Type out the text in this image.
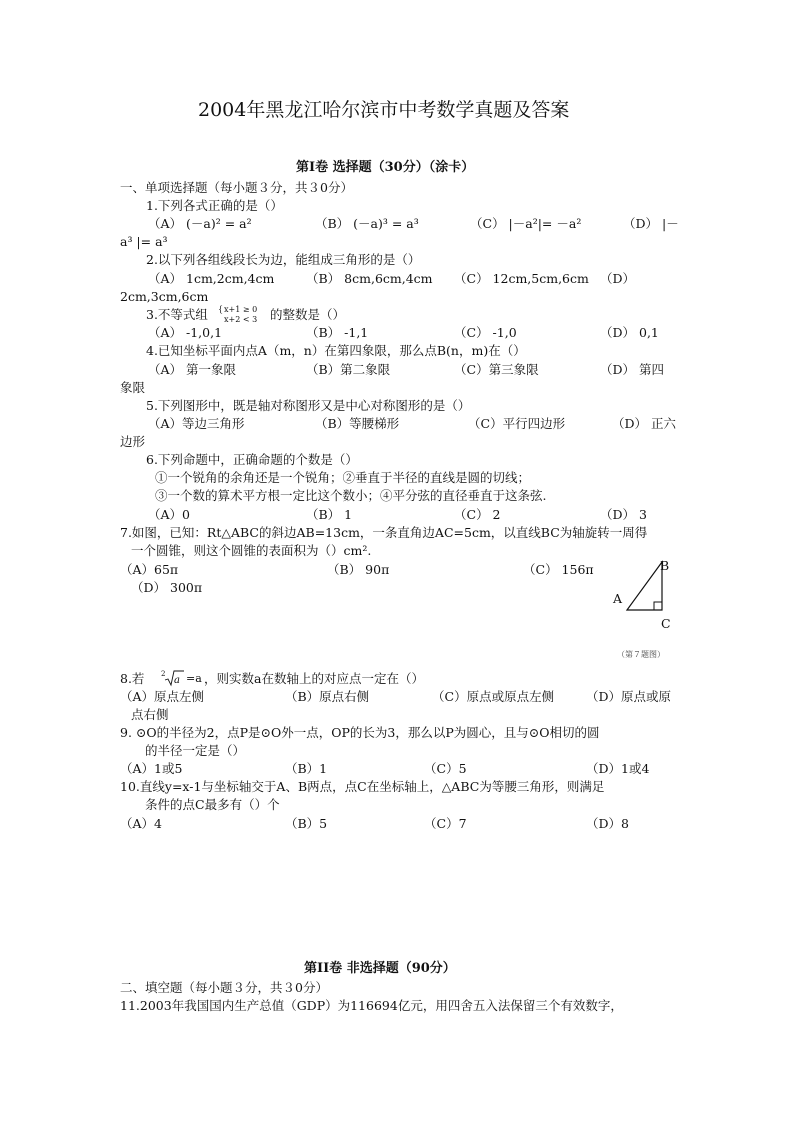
2004年黑龙江哈尔滨市中考数学真题及答案
第Ⅰ卷 选择题（30分）（涂卡）
一、单项选择题（每小题３分，共３0分）
1.下列各式正确的是（）
（A） (－a)² = a²	（B） (－a)³ = a³	（C） |－a²|= －a²	（D） |－
a³ |= a³
2.以下列各组线段长为边，能组成三角形的是（）
（A） 1cm,2cm,4cm	（B） 8cm,6cm,4cm （C） 12cm,5cm,6cm （D）
2cm,3cm,6cm
3.不等式组 { x+1 ≥ 0
x+2 < 3 的整数是（）
（A） -1,0,1	（B） -1,1	（C） -1,0	（D） 0,1
4.已知坐标平面内点A（m，n）在第四象限，那么点B(n，m)在（）
（A） 第一象限	（B）第二象限	（C）第三象限	（D） 第四
象限
5.下列图形中，既是轴对称图形又是中心对称图形的是（）
（A）等边三角形	（B）等腰梯形	（C）平行四边形	（D） 正六
边形
6.下列命题中，正确命题的个数是（）
①一个锐角的余角还是一个锐角；②垂直于半径的直线是圆的切线；
③一个数的算术平方根一定比这个数小；④平分弦的直径垂直于这条弦.
（A）0	（B） 1	（C） 2	（D） 3
7.如图，已知：Rt△ABC的斜边AB=13cm，一条直角边AC=5cm，以直线BC为轴旋转一周得
一个圆锥，则这个圆锥的表面积为（）cm².
（A）65π	（B） 90π	（C） 156π
（D） 300π
A
B
C
（第７题图）
8.若 2
a =a ，则实数a在数轴上的对应点一定在（）
（A）原点左侧	（B）原点右侧	（C）原点或原点左侧	（D）原点或原
点右侧
9. ⊙O的半径为2，点P是⊙O外一点，OP的长为3，那么以P为圆心，且与⊙O相切的圆
的半径一定是（）
（A）1或5	（B）1	（C）5	（D）1或4
10.直线y=x-1与坐标轴交于A、B两点，点C在坐标轴上，△ABC为等腰三角形，则满足
条件的点C最多有（）个
（A）4	（B）5	（C）7	（D）8
第II卷 非选择题（90分）
二、填空题（每小题３分，共３0分）
11.2003年我国国内生产总值（GDP）为116694亿元，用四舍五入法保留三个有效数字，
